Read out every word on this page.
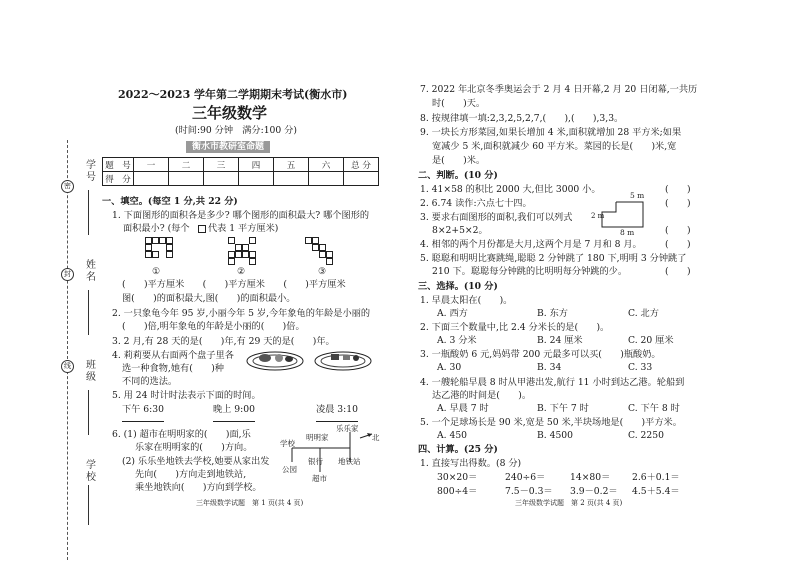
学号
姓名
班级
学校
密
封
线
2022～2023 学年第二学期期末考试(衡水市)
三年级数学
(时间:90 分钟　满分:100 分)
衡水市教研室命题
题　号	一	二	三	四	五	六	总 分
得　分							
一、填空。(每空 1 分,共 22 分)
1. 下面图形的面积各是多少? 哪个图形的面积最大? 哪个图形的
面积最小? (每个 代表 1 平方厘米)
①	②	③
(　　)平方厘米　　(　　)平方厘米　　(　　)平方厘米
图(　　)的面积最大,图(　　)的面积最小。
2. 一只象龟今年 95 岁,小丽今年 5 岁,今年象龟的年龄是小丽的
(　　)倍,明年象龟的年龄是小丽的(　　)倍。
3. 2 月,有 28 天的是(　　)年,有 29 天的是(　　)年。
4. 莉莉要从右面两个盘子里各
选一种食物,她有(　　)种
不同的选法。
5. 用 24 时计时法表示下面的时间。
下午 6:30	晚上 9:00	凌晨 3:10
6. (1) 超市在明明家的(　　)面,乐
乐家在明明家的(　　)方向。
(2) 乐乐坐地铁去学校,她要从家出发
先向(　　)方向走到地铁站,
乘坐地铁向(　　)方向到学校。
学校
明明家
乐乐家
北
公园
银行 地铁站
超市
三年级数学试题　第 1 页(共 4 页)
7. 2022 年北京冬季奥运会于 2 月 4 日开幕,2 月 20 日闭幕,一共历
时(　　)天。
8. 按规律填一填:2,3,2,5,2,7,(　　),(　　),3,3。
9. 一块长方形菜园,如果长增加 4 米,面积就增加 28 平方米;如果
宽减少 5 米,面积就减少 60 平方米。菜园的长是(　　)米,宽
是(　　)米。
二、判断。(10 分)
1. 41×58 的积比 2000 大,但比 3000 小。	(　　)
2. 6.74 读作:六点七十四。	(　　)
3. 要求右面图形的面积,我们可以列式
8×2+5×2。	(　　)
5 m
2 m
8 m
4. 相邻的两个月份都是大月,这两个月是 7 月和 8 月。	(　　)
5. 聪聪和明明比赛跳绳,聪聪 2 分钟跳了 180 下,明明 3 分钟跳了
210 下。聪聪每分钟跳的比明明每分钟跳的少。	(　　)
三、选择。(10 分)
1. 早晨太阳在(　　)。
A. 西方	B. 东方	C. 北方
2. 下面三个数量中,比 2.4 分米长的是(　　)。
A. 3 分米	B. 24 厘米	C. 20 厘米
3. 一瓶酸奶 6 元,妈妈带 200 元最多可以买(　　)瓶酸奶。
A. 30	B. 34	C. 33
4. 一艘轮船早晨 8 时从甲港出发,航行 11 小时到达乙港。轮船到
达乙港的时间是(　　)。
A. 早晨 7 时	B. 下午 7 时	C. 下午 8 时
5. 一个足球场长是 90 米,宽是 50 米,半块场地是(　　)平方米。
A. 450	B. 4500	C. 2250
四、计算。(25 分)
1. 直接写出得数。(8 分)
30×20＝	240÷6＝	14×80＝ 2.6＋0.1＝
800÷4＝	7.5－0.3＝ 3.9－0.2＝ 4.5＋5.4＝
三年级数学试题　第 2 页(共 4 页)
